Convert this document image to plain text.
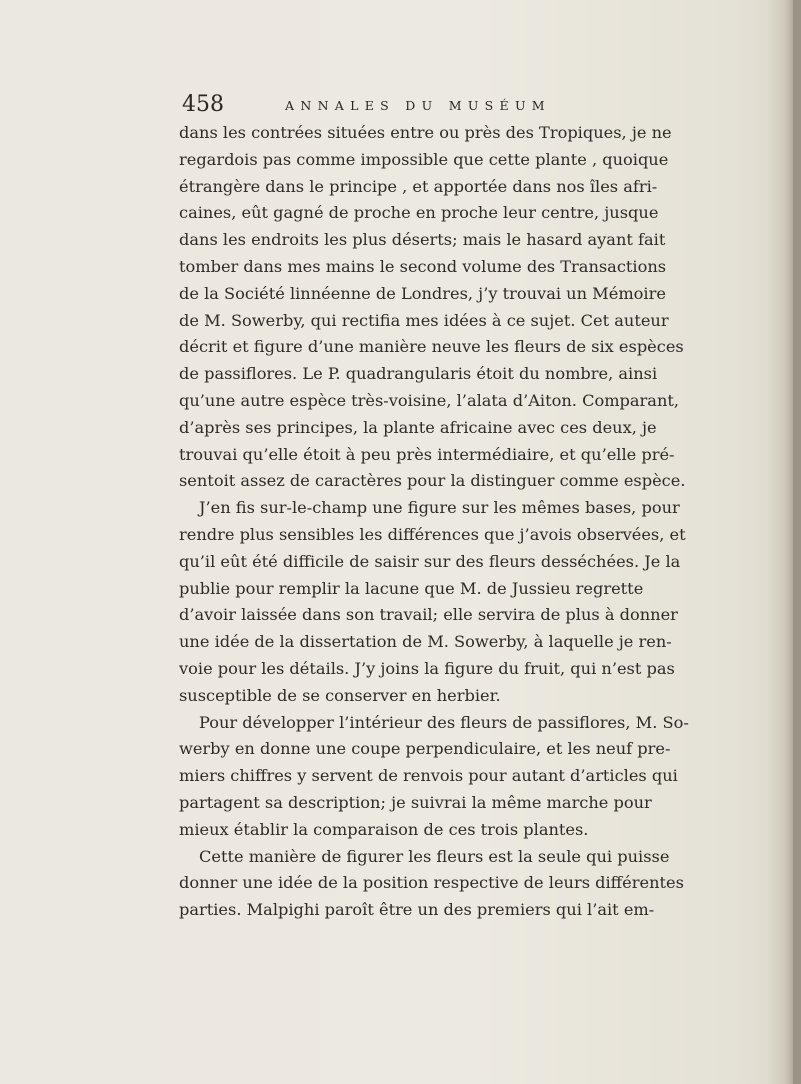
458	ANNALES DU MUSÉUM
dans les contrées situées entre ou près des Tropiques, je ne
regardois pas comme impossible que cette plante , quoique
étrangère dans le principe , et apportée dans nos îles afri-
caines, eût gagné de proche en proche leur centre, jusque
dans les endroits les plus déserts; mais le hasard ayant fait
tomber dans mes mains le second volume des Transactions
de la Société linnéenne de Londres, j’y trouvai un Mémoire
de M. Sowerby, qui rectifia mes idées à ce sujet. Cet auteur
décrit et figure d’une manière neuve les fleurs de six espèces
de passiflores. Le P. quadrangularis étoit du nombre, ainsi
qu’une autre espèce très-voisine, l’alata d’Aiton. Comparant,
d’après ses principes, la plante africaine avec ces deux, je
trouvai qu’elle étoit à peu près intermédiaire, et qu’elle pré-
sentoit assez de caractères pour la distinguer comme espèce.
J’en fis sur-le-champ une figure sur les mêmes bases, pour
rendre plus sensibles les différences que j’avois observées, et
qu’il eût été difficile de saisir sur des fleurs desséchées. Je la
publie pour remplir la lacune que M. de Jussieu regrette
d’avoir laissée dans son travail; elle servira de plus à donner
une idée de la dissertation de M. Sowerby, à laquelle je ren-
voie pour les détails. J’y joins la figure du fruit, qui n’est pas
susceptible de se conserver en herbier.
Pour développer l’intérieur des fleurs de passiflores, M. So-
werby en donne une coupe perpendiculaire, et les neuf pre-
miers chiffres y servent de renvois pour autant d’articles qui
partagent sa description; je suivrai la même marche pour
mieux établir la comparaison de ces trois plantes.
Cette manière de figurer les fleurs est la seule qui puisse
donner une idée de la position respective de leurs différentes
parties. Malpighi paroît être un des premiers qui l’ait em-
